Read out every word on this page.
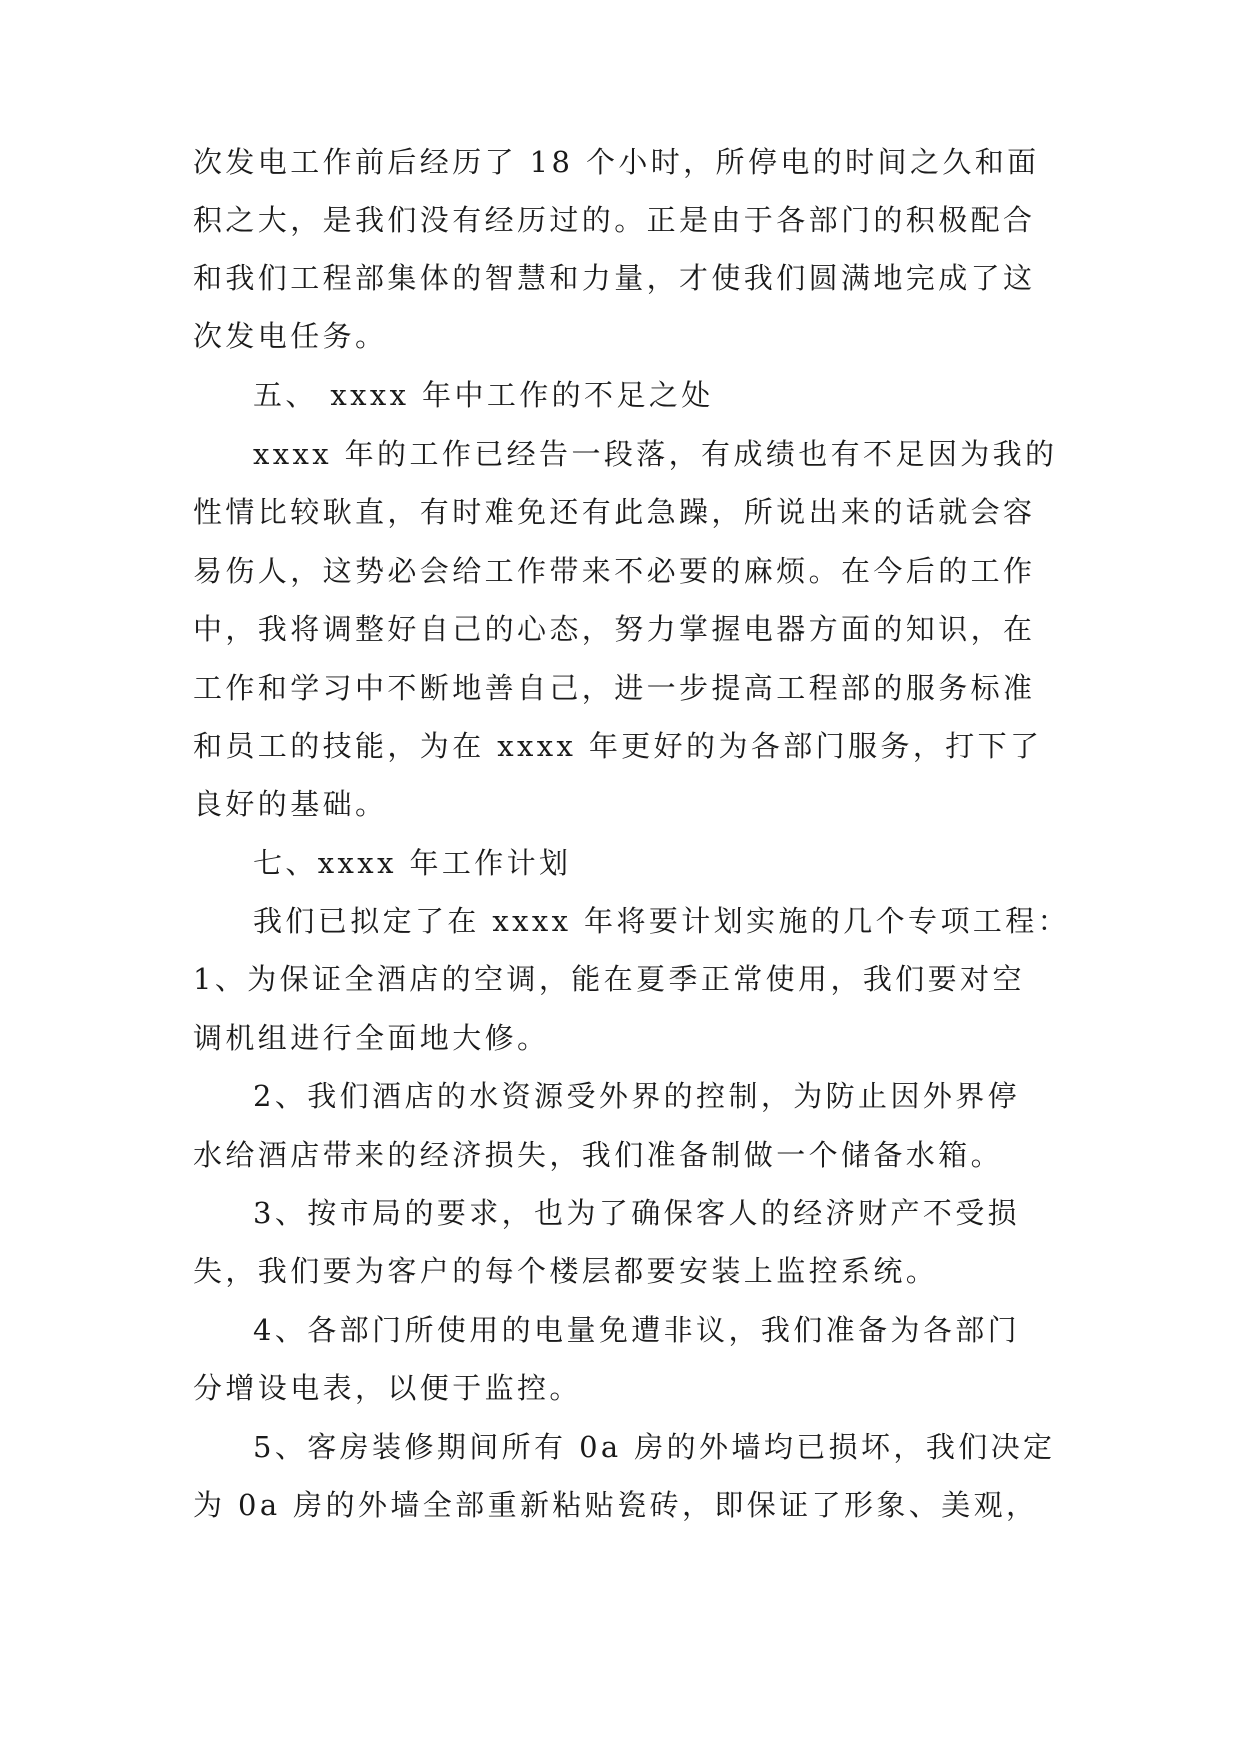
次发电工作前后经历了 18 个小时，所停电的时间之久和面
积之大，是我们没有经历过的。正是由于各部门的积极配合
和我们工程部集体的智慧和力量，才使我们圆满地完成了这
次发电任务。
五、 xxxx 年中工作的不足之处
xxxx 年的工作已经告一段落，有成绩也有不足因为我的
性情比较耿直，有时难免还有此急躁，所说出来的话就会容
易伤人，这势必会给工作带来不必要的麻烦。在今后的工作
中，我将调整好自己的心态，努力掌握电器方面的知识，在
工作和学习中不断地善自己，进一步提高工程部的服务标准
和员工的技能，为在 xxxx 年更好的为各部门服务，打下了
良好的基础。
七、xxxx 年工作计划
我们已拟定了在 xxxx 年将要计划实施的几个专项工程：
1、为保证全酒店的空调，能在夏季正常使用，我们要对空
调机组进行全面地大修。
2、我们酒店的水资源受外界的控制，为防止因外界停
水给酒店带来的经济损失，我们准备制做一个储备水箱。
3、按市局的要求，也为了确保客人的经济财产不受损
失，我们要为客户的每个楼层都要安装上监控系统。
4、各部门所使用的电量免遭非议，我们准备为各部门
分增设电表，以便于监控。
5、客房装修期间所有 0a 房的外墙均已损坏，我们决定
为 0a 房的外墙全部重新粘贴瓷砖，即保证了形象、美观，
